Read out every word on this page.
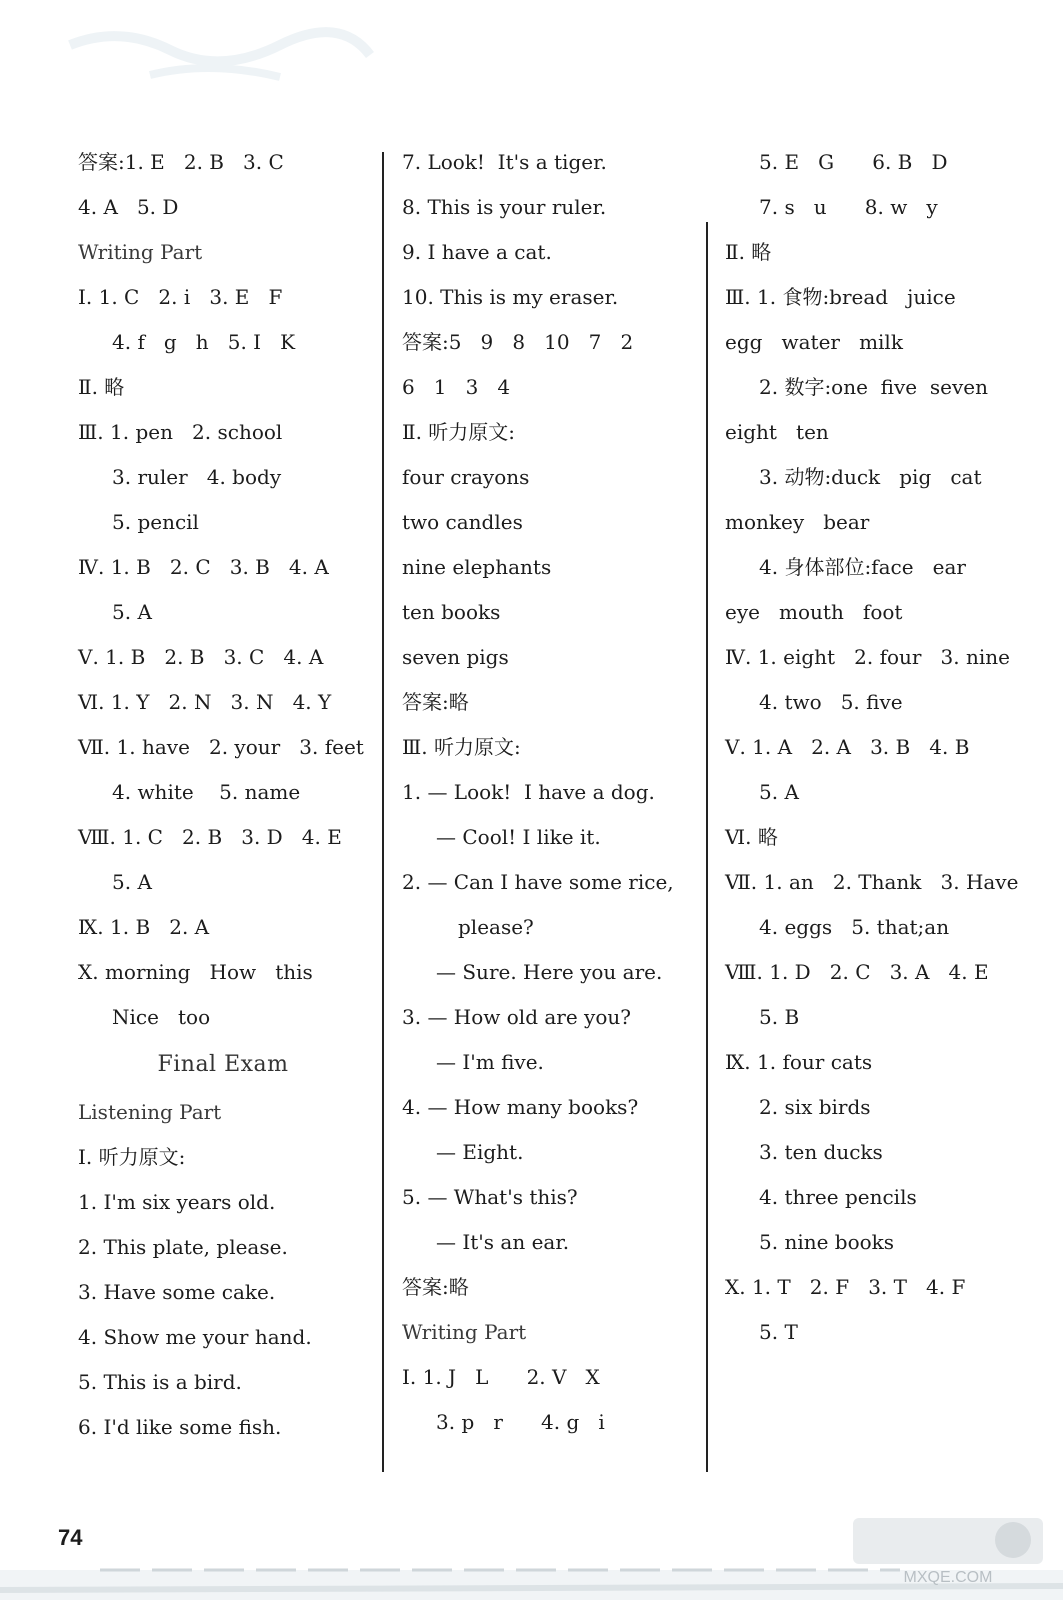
答案:1. E   2. B   3. C
4. A   5. D
Writing Part
Ⅰ. 1. C   2. i   3. E   F
4. f   g   h   5. I   K
Ⅱ. 略
Ⅲ. 1. pen   2. school
3. ruler   4. body
5. pencil
Ⅳ. 1. B   2. C   3. B   4. A
5. A
Ⅴ. 1. B   2. B   3. C   4. A
Ⅵ. 1. Y   2. N   3. N   4. Y
Ⅶ. 1. have   2. your   3. feet
4. white    5. name
Ⅷ. 1. C   2. B   3. D   4. E
5. A
Ⅸ. 1. B   2. A
Ⅹ. morning   How   this
Nice   too
Final Exam
Listening Part
Ⅰ. 听力原文:
1. I'm six years old.
2. This plate, please.
3. Have some cake.
4. Show me your hand.
5. This is a bird.
6. I'd like some fish.
7. Look!  It's a tiger.
8. This is your ruler.
9. I have a cat.
10. This is my eraser.
答案:5   9   8   10   7   2
6   1   3   4
Ⅱ. 听力原文:
four crayons
two candles
nine elephants
ten books
seven pigs
答案:略
Ⅲ. 听力原文:
1. — Look!  I have a dog.
— Cool! I like it.
2. — Can I have some rice,
please?
— Sure. Here you are.
3. — How old are you?
— I'm five.
4. — How many books?
— Eight.
5. — What's this?
— It's an ear.
答案:略
Writing Part
Ⅰ. 1. J   L      2. V   X
3. p   r      4. g   i
5. E   G      6. B   D
7. s   u      8. w   y
Ⅱ. 略
Ⅲ. 1. 食物:bread   juice
egg   water   milk
2. 数字:one  five  seven
eight   ten
3. 动物:duck   pig   cat
monkey   bear
4. 身体部位:face   ear
eye   mouth   foot
Ⅳ. 1. eight   2. four   3. nine
4. two   5. five
Ⅴ. 1. A   2. A   3. B   4. B
5. A
Ⅵ. 略
Ⅶ. 1. an   2. Thank   3. Have
4. eggs   5. that;an
Ⅷ. 1. D   2. C   3. A   4. E
5. B
Ⅸ. 1. four cats
2. six birds
3. ten ducks
4. three pencils
5. nine books
Ⅹ. 1. T   2. F   3. T   4. F
5. T
74
MXQE.COM
